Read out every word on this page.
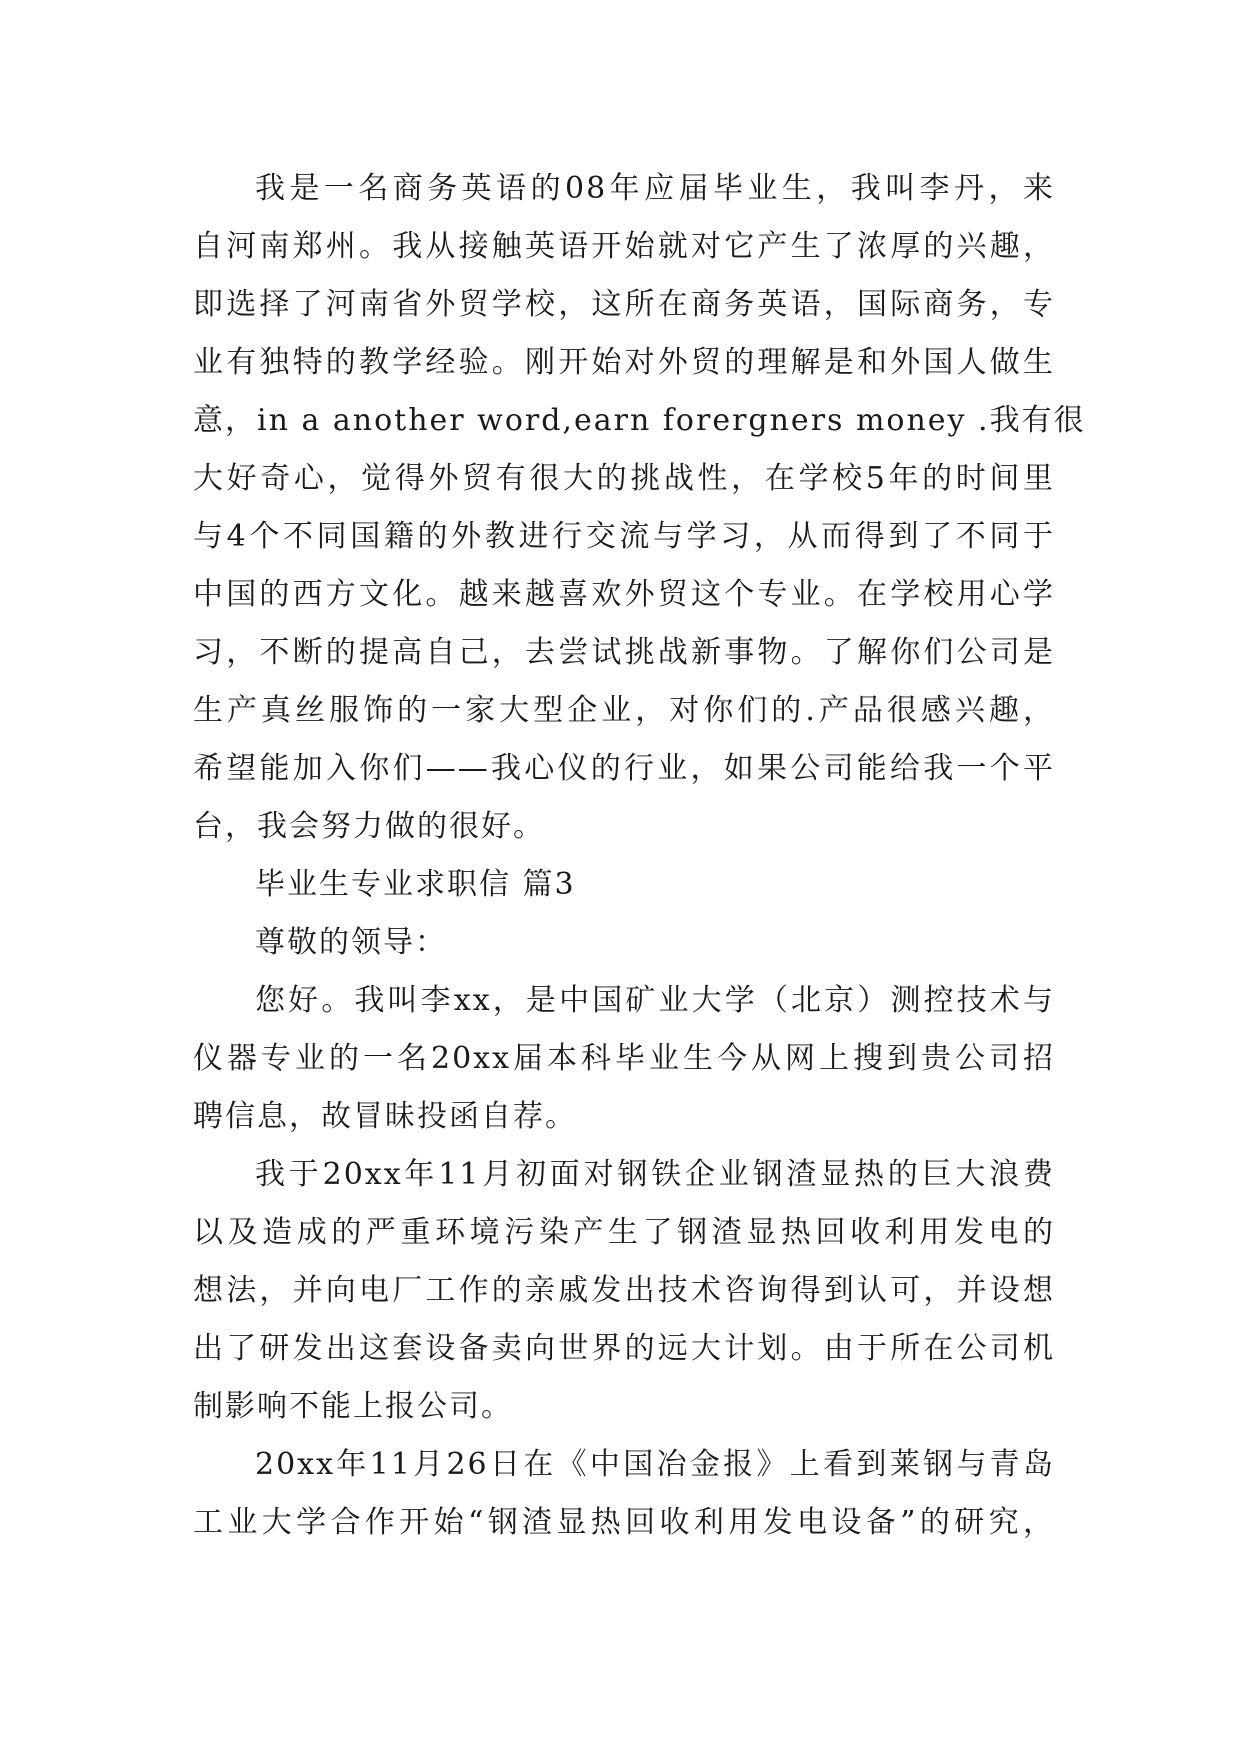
我是一名商务英语的08年应届毕业生，我叫李丹，来
自河南郑州。我从接触英语开始就对它产生了浓厚的兴趣，
即选择了河南省外贸学校，这所在商务英语，国际商务，专
业有独特的教学经验。刚开始对外贸的理解是和外国人做生
意，in a another word,earn forergners money .我有很
大好奇心，觉得外贸有很大的挑战性，在学校5年的时间里
与4个不同国籍的外教进行交流与学习，从而得到了不同于
中国的西方文化。越来越喜欢外贸这个专业。在学校用心学
习，不断的提高自己，去尝试挑战新事物。了解你们公司是
生产真丝服饰的一家大型企业，对你们的.产品很感兴趣，
希望能加入你们——我心仪的行业，如果公司能给我一个平
台，我会努力做的很好。
毕业生专业求职信 篇3
尊敬的领导：
您好。我叫李xx，是中国矿业大学（北京）测控技术与
仪器专业的一名20xx届本科毕业生今从网上搜到贵公司招
聘信息，故冒昧投函自荐。
我于20xx年11月初面对钢铁企业钢渣显热的巨大浪费
以及造成的严重环境污染产生了钢渣显热回收利用发电的
想法，并向电厂工作的亲戚发出技术咨询得到认可，并设想
出了研发出这套设备卖向世界的远大计划。由于所在公司机
制影响不能上报公司。
20xx年11月26日在《中国冶金报》上看到莱钢与青岛
工业大学合作开始“钢渣显热回收利用发电设备”的研究，
